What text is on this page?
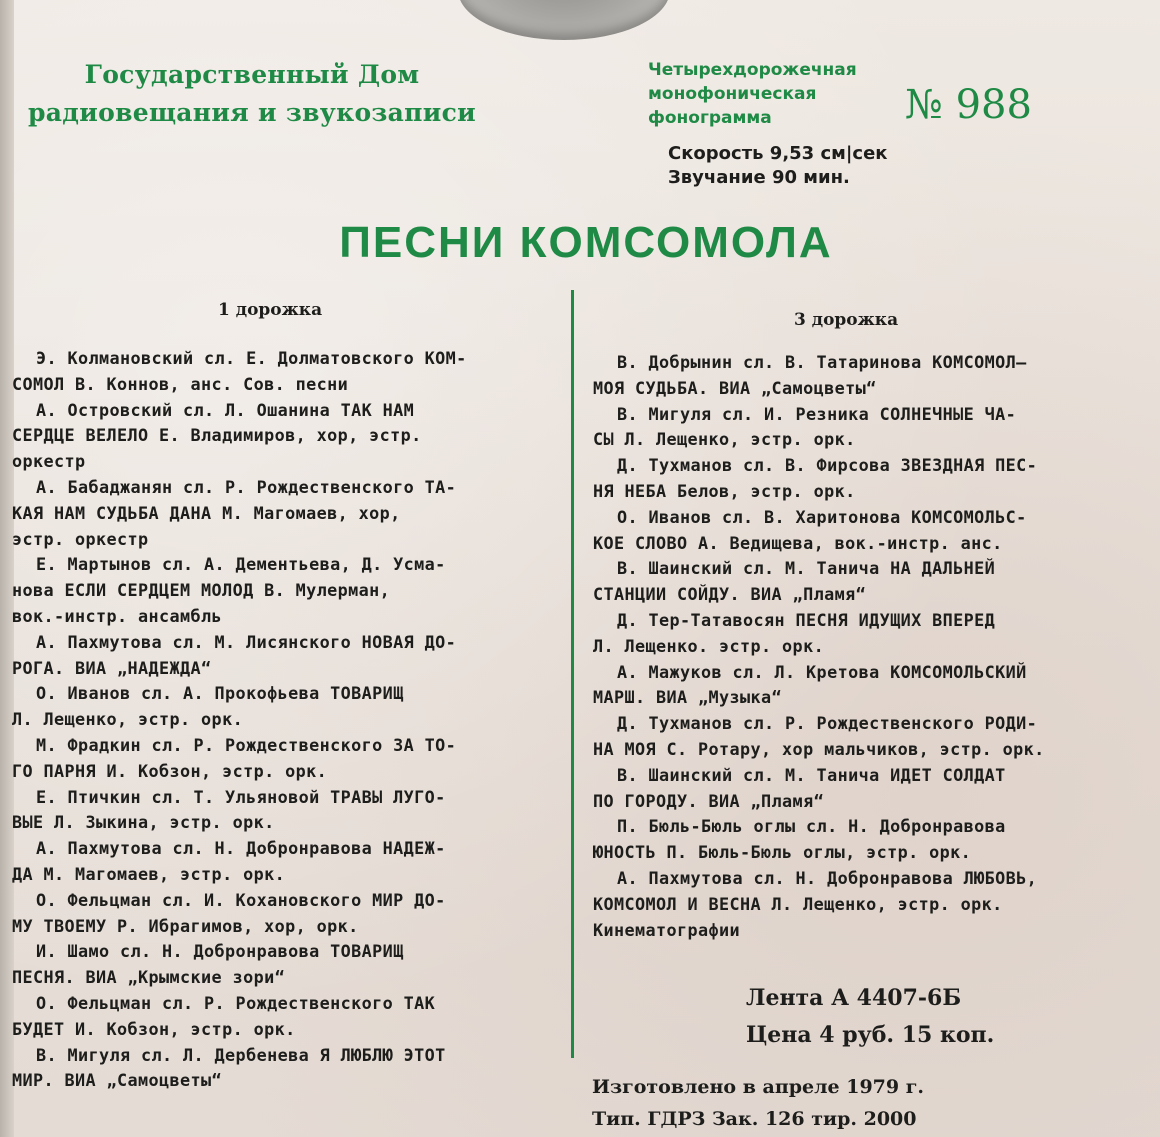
Государственный Дом
радиовещания и звукозаписи
Четырехдорожечная
монофоническая
фонограмма	№ 988
Скорость 9,53 см|сек
Звучание 90 мин.
ПЕСНИ КОМСОМОЛА
1 дорожка	3 дорожка
Э. Колмановский сл. Е. Долматовского КОМ-
СОМОЛ В. Коннов, анс. Сов. песни
А. Островский сл. Л. Ошанина ТАК НАМ
СЕРДЦЕ ВЕЛЕЛО Е. Владимиров, хор, эстр.
оркестр
А. Бабаджанян сл. Р. Рождественского ТА-
КАЯ НАМ СУДЬБА ДАНА М. Магомаев, хор,
эстр. оркестр
Е. Мартынов сл. А. Дементьева, Д. Усма-
нова ЕСЛИ СЕРДЦЕМ МОЛОД В. Мулерман,
вок.-инстр. ансамбль
А. Пахмутова сл. М. Лисянского НОВАЯ ДО-
РОГА. ВИА „НАДЕЖДА“
О. Иванов сл. А. Прокофьева ТОВАРИЩ
Л. Лещенко, эстр. орк.
М. Фрадкин сл. Р. Рождественского ЗА ТО-
ГО ПАРНЯ И. Кобзон, эстр. орк.
Е. Птичкин сл. Т. Ульяновой ТРАВЫ ЛУГО-
ВЫЕ Л. Зыкина, эстр. орк.
А. Пахмутова сл. Н. Добронравова НАДЕЖ-
ДА М. Магомаев, эстр. орк.
О. Фельцман сл. И. Кохановского МИР ДО-
МУ ТВОЕМУ Р. Ибрагимов, хор, орк.
И. Шамо сл. Н. Добронравова ТОВАРИЩ
ПЕСНЯ. ВИА „Крымские зори“
О. Фельцман сл. Р. Рождественского ТАК
БУДЕТ И. Кобзон, эстр. орк.
В. Мигуля сл. Л. Дербенева Я ЛЮБЛЮ ЭТОТ
МИР. ВИА „Самоцветы“
В. Добрынин сл. В. Татаринова КОМСОМОЛ—
МОЯ СУДЬБА. ВИА „Самоцветы“
В. Мигуля сл. И. Резника СОЛНЕЧНЫЕ ЧА-
СЫ Л. Лещенко, эстр. орк.
Д. Тухманов сл. В. Фирсова ЗВЕЗДНАЯ ПЕС-
НЯ НЕБА Белов, эстр. орк.
О. Иванов сл. В. Харитонова КОМСОМОЛЬС-
КОЕ СЛОВО А. Ведищева, вок.-инстр. анс.
В. Шаинский сл. М. Танича НА ДАЛЬНЕЙ
СТАНЦИИ СОЙДУ. ВИА „Пламя“
Д. Тер-Татавосян ПЕСНЯ ИДУЩИХ ВПЕРЕД
Л. Лещенко. эстр. орк.
А. Мажуков сл. Л. Кретова КОМСОМОЛЬСКИЙ
МАРШ. ВИА „Музыка“
Д. Тухманов сл. Р. Рождественского РОДИ-
НА МОЯ С. Ротару, хор мальчиков, эстр. орк.
В. Шаинский сл. М. Танича ИДЕТ СОЛДАТ
ПО ГОРОДУ. ВИА „Пламя“
П. Бюль-Бюль оглы сл. Н. Добронравова
ЮНОСТЬ П. Бюль-Бюль оглы, эстр. орк.
А. Пахмутова сл. Н. Добронравова ЛЮБОВЬ,
КОМСОМОЛ И ВЕСНА Л. Лещенко, эстр. орк.
Кинематографии
Лента А 4407-6Б
Цена 4 руб. 15 коп.
Изготовлено в апреле 1979 г.
Тип. ГДРЗ Зак. 126 тир. 2000
